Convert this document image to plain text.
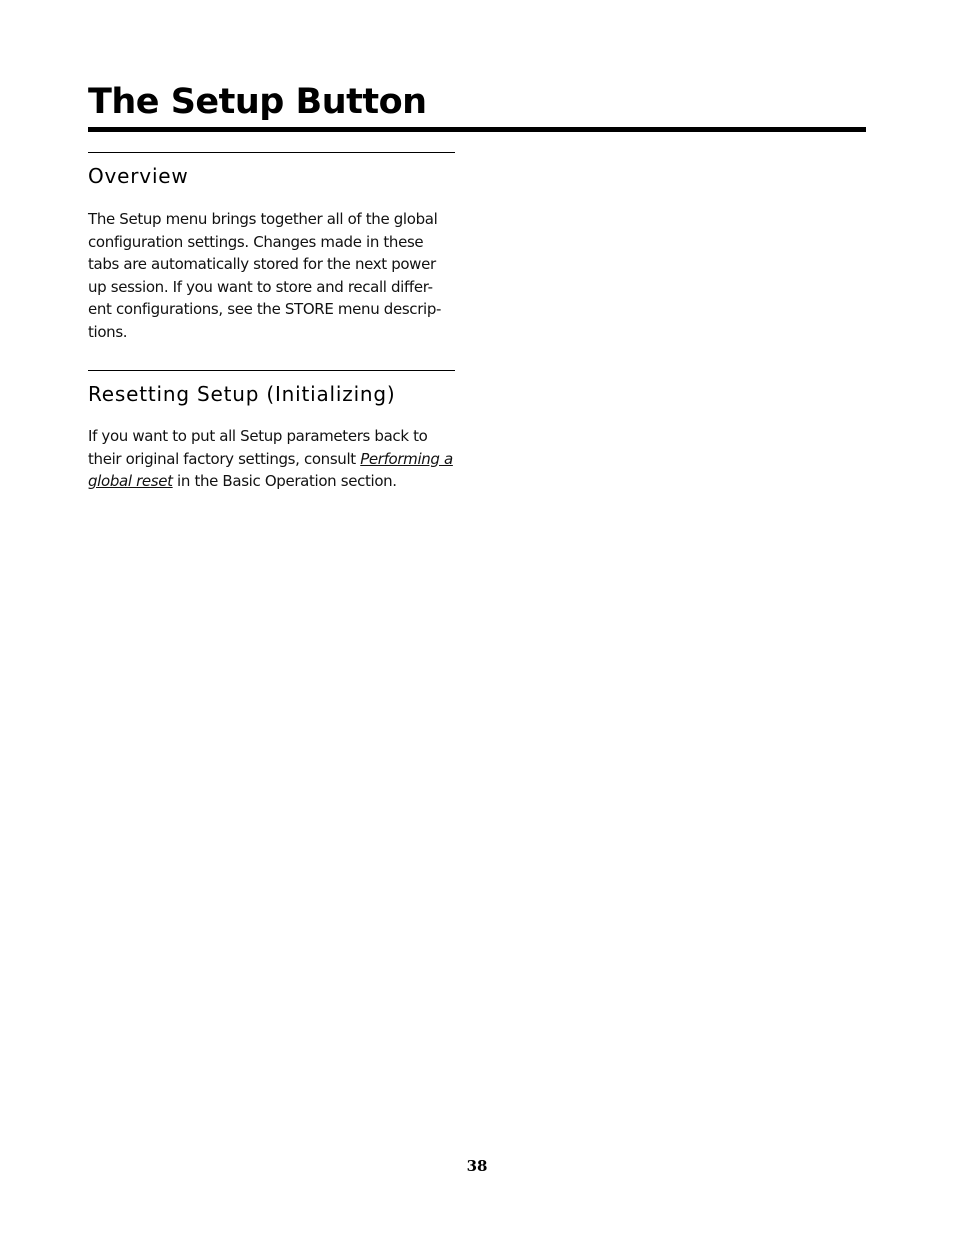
The Setup Button
Overview

The Setup menu brings together all of the global
configuration settings. Changes made in these
tabs are automatically stored for the next power
up session. If you want to store and recall differ-
ent configurations, see the STORE menu descrip-
tions.

Resetting Setup (Initializing)

If you want to put all Setup parameters back to
their original factory settings, consult Performing a
global reset in the Basic Operation section.

38
